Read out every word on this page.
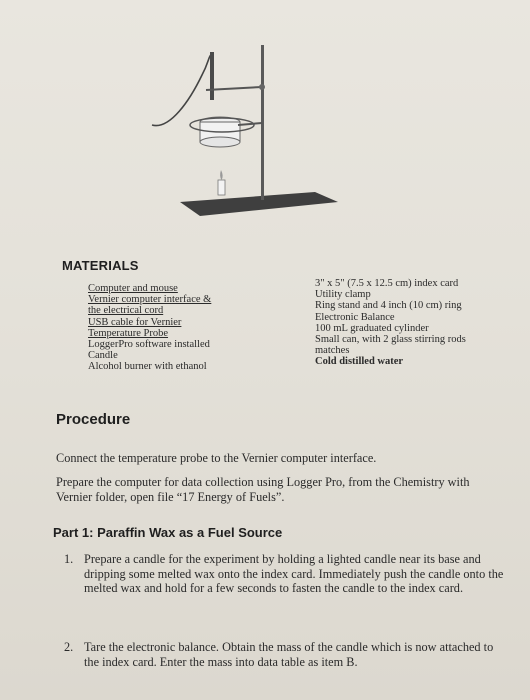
MATERIALS
Computer and mouse
Vernier computer interface &
the electrical cord
USB cable for Vernier
Temperature Probe
LoggerPro software installed
Candle
Alcohol burner with ethanol
3" x 5" (7.5 x 12.5 cm) index card
Utility clamp
Ring stand and 4 inch (10 cm) ring
Electronic Balance
100 mL graduated cylinder
Small can, with 2 glass stirring rods
matches
Cold distilled water
Procedure
Connect the temperature probe to the Vernier computer interface.
Prepare the computer for data collection using Logger Pro, from the Chemistry with Vernier folder, open file “17 Energy of Fuels”.
Part 1: Paraffin Wax as a Fuel Source
1. Prepare a candle for the experiment by holding a lighted candle near its base and dripping some melted wax onto the index card. Immediately push the candle onto the melted wax and hold for a few seconds to fasten the candle to the index card.
2. Tare the electronic balance. Obtain the mass of the candle which is now attached to the index card. Enter the mass into data table as item B.
